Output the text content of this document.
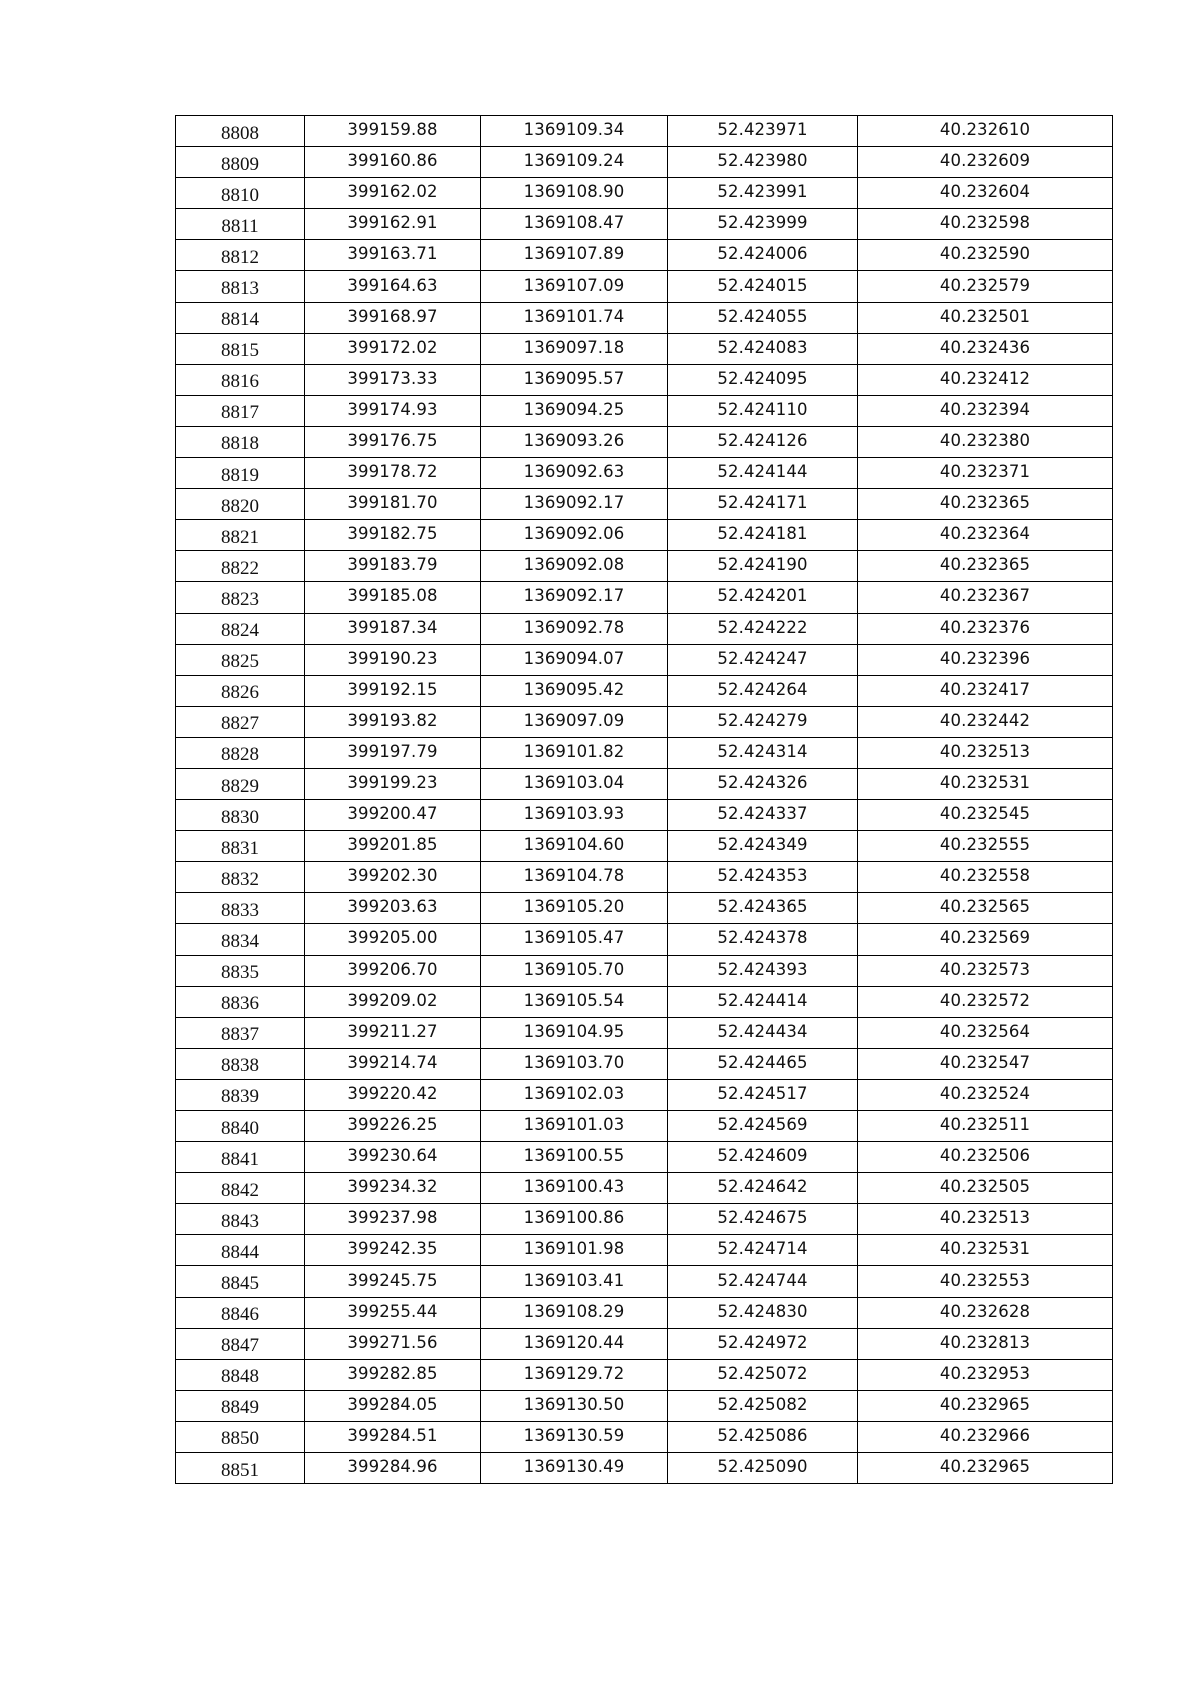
8808	399159.88	1369109.34	52.423971	40.232610
8809	399160.86	1369109.24	52.423980	40.232609
8810	399162.02	1369108.90	52.423991	40.232604
8811	399162.91	1369108.47	52.423999	40.232598
8812	399163.71	1369107.89	52.424006	40.232590
8813	399164.63	1369107.09	52.424015	40.232579
8814	399168.97	1369101.74	52.424055	40.232501
8815	399172.02	1369097.18	52.424083	40.232436
8816	399173.33	1369095.57	52.424095	40.232412
8817	399174.93	1369094.25	52.424110	40.232394
8818	399176.75	1369093.26	52.424126	40.232380
8819	399178.72	1369092.63	52.424144	40.232371
8820	399181.70	1369092.17	52.424171	40.232365
8821	399182.75	1369092.06	52.424181	40.232364
8822	399183.79	1369092.08	52.424190	40.232365
8823	399185.08	1369092.17	52.424201	40.232367
8824	399187.34	1369092.78	52.424222	40.232376
8825	399190.23	1369094.07	52.424247	40.232396
8826	399192.15	1369095.42	52.424264	40.232417
8827	399193.82	1369097.09	52.424279	40.232442
8828	399197.79	1369101.82	52.424314	40.232513
8829	399199.23	1369103.04	52.424326	40.232531
8830	399200.47	1369103.93	52.424337	40.232545
8831	399201.85	1369104.60	52.424349	40.232555
8832	399202.30	1369104.78	52.424353	40.232558
8833	399203.63	1369105.20	52.424365	40.232565
8834	399205.00	1369105.47	52.424378	40.232569
8835	399206.70	1369105.70	52.424393	40.232573
8836	399209.02	1369105.54	52.424414	40.232572
8837	399211.27	1369104.95	52.424434	40.232564
8838	399214.74	1369103.70	52.424465	40.232547
8839	399220.42	1369102.03	52.424517	40.232524
8840	399226.25	1369101.03	52.424569	40.232511
8841	399230.64	1369100.55	52.424609	40.232506
8842	399234.32	1369100.43	52.424642	40.232505
8843	399237.98	1369100.86	52.424675	40.232513
8844	399242.35	1369101.98	52.424714	40.232531
8845	399245.75	1369103.41	52.424744	40.232553
8846	399255.44	1369108.29	52.424830	40.232628
8847	399271.56	1369120.44	52.424972	40.232813
8848	399282.85	1369129.72	52.425072	40.232953
8849	399284.05	1369130.50	52.425082	40.232965
8850	399284.51	1369130.59	52.425086	40.232966
8851	399284.96	1369130.49	52.425090	40.232965
